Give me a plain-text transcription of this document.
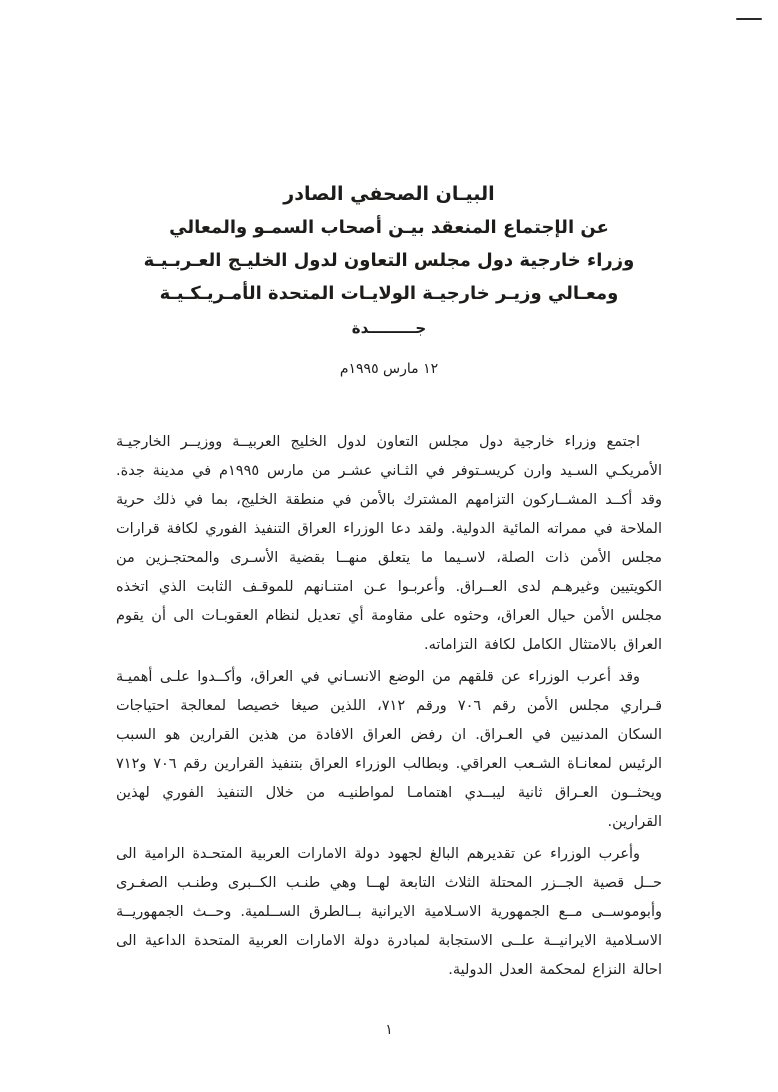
البيـان الصحفي الصادر
عن الإجتماع المنعقد بيـن أصحاب السمـو والمعالي
وزراء خارجية دول مجلس التعاون لدول الخليـج العـربـيـة
ومعـالي وزيـر خارجيـة الولايـات المتحدة الأمـريـكـيـة
جـــــــــدة
١٢ مارس ١٩٩٥م

اجتمع وزراء خارجية دول مجلس التعاون لدول الخليج العربيــة ووزيــر الخارجيـة الأمريكـي السـيد وارن كريسـتوفر في الثـاني عشـر من مارس ١٩٩٥م في مدينة جدة. وقد أكــد المشــاركون التزامهم المشترك بالأمن في منطقة الخليج، بما في ذلك حرية الملاحة في ممراته المائية الدولية. ولقد دعا الوزراء العراق التنفيذ الفوري لكافة قرارات مجلس الأمن ذات الصلة، لاسـيما ما يتعلق منهــا بقضية الأسـرى والمحتجـزين من الكويتيين وغيرهـم لدى العــراق. وأعربـوا عـن امتنـانهم للموقـف الثابت الذي اتخذه مجلس الأمن حيال العراق، وحثوه على مقاومة أي تعديل لنظام العقوبـات الى أن يقوم العراق بالامتثال الكامل لكافة التزاماته.

وقد أعرب الوزراء عن قلقهم من الوضع الانسـاني في العراق، وأكــدوا علـى أهميـة قـراري مجلس الأمن رقم ٧٠٦ ورقم ٧١٢، اللذين صيغا خصيصا لمعالجة احتياجات السكان المدنيين في العـراق. ان رفض العراق الافادة من هذين القرارين هو السبب الرئيس لمعانـاة الشـعب العراقي. وبطالب الوزراء العراق بتنفيذ القرارين رقم ٧٠٦ و٧١٢ ويحثــون العـراق ثانية ليبــدي اهتمامـا لمواطنيـه من خلال التنفيذ الفوري لهذين القرارين.

وأعرب الوزراء عن تقديرهم البالغ لجهود دولة الامارات العربية المتحـدة الرامية الى حــل قصية الجــزر المحتلة الثلاث التابعة لهــا وهي طنـب الكــبرى وطنـب الصغـرى وأبوموســى مــع الجمهورية الاسـلامية الايرانية بــالطرق الســلمية. وحــث الجمهوريــة الاسـلامية الايرانيــة علــى الاستجابة لمبادرة دولة الامارات العربية المتحدة الداعية الى احالة النزاع لمحكمة العدل الدولية.

١
